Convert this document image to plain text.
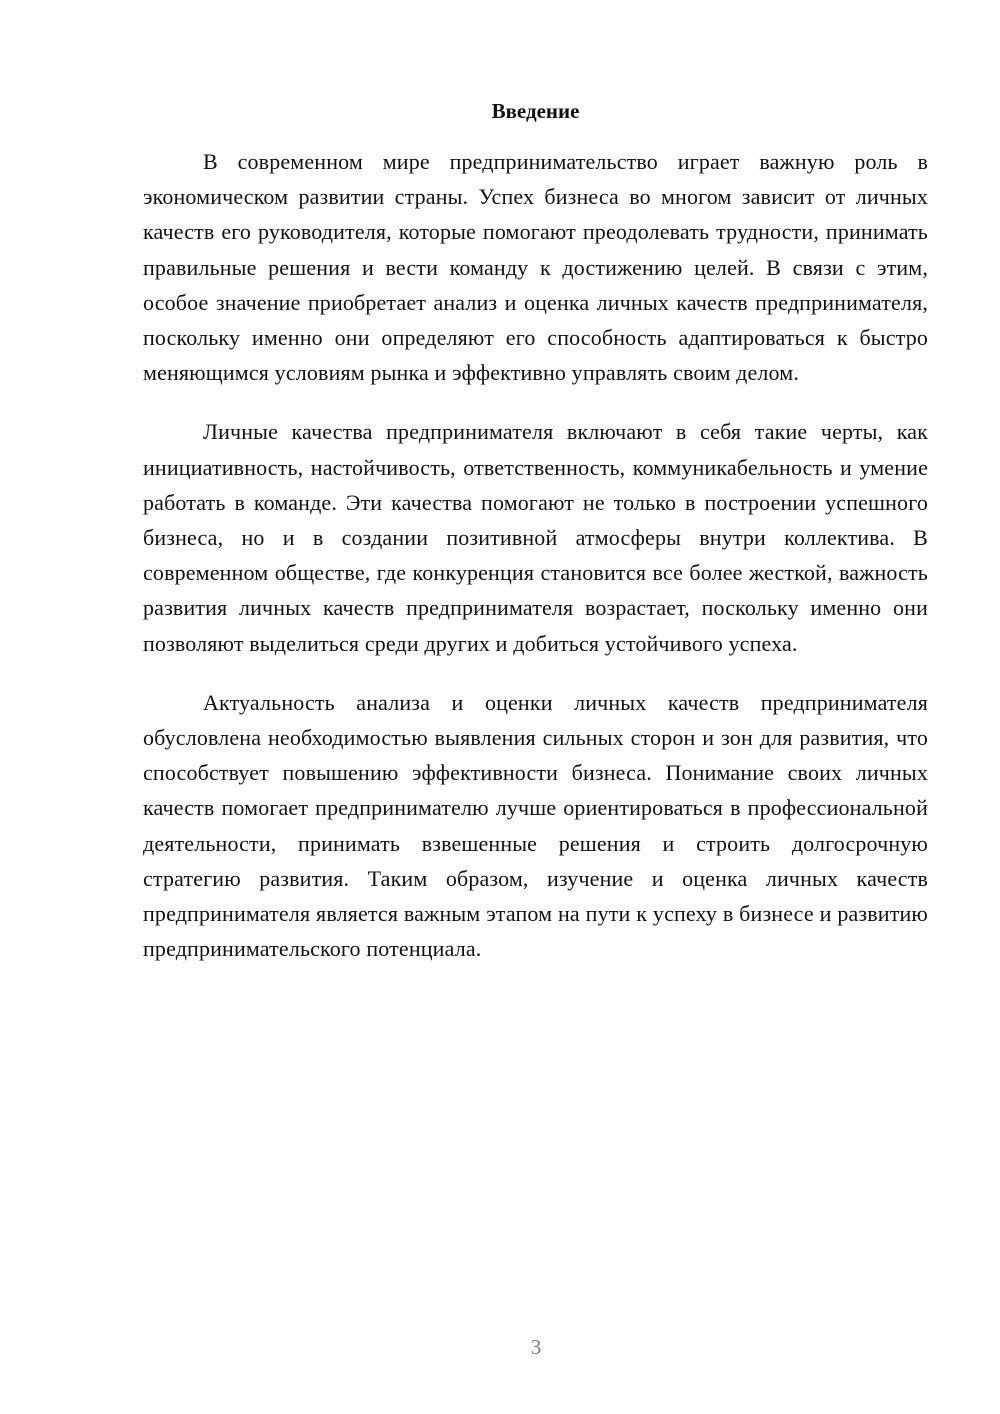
Введение

В современном мире предпринимательство играет важную роль в экономическом развитии страны. Успех бизнеса во многом зависит от личных качеств его руководителя, которые помогают преодолевать трудности, принимать правильные решения и вести команду к достижению целей. В связи с этим, особое значение приобретает анализ и оценка личных качеств предпринимателя, поскольку именно они определяют его способность адаптироваться к быстро меняющимся условиям рынка и эффективно управлять своим делом.

Личные качества предпринимателя включают в себя такие черты, как инициативность, настойчивость, ответственность, коммуникабельность и умение работать в команде. Эти качества помогают не только в построении успешного бизнеса, но и в создании позитивной атмосферы внутри коллектива. В современном обществе, где конкуренция становится все более жесткой, важность развития личных качеств предпринимателя возрастает, поскольку именно они позволяют выделиться среди других и добиться устойчивого успеха.

Актуальность анализа и оценки личных качеств предпринимателя обусловлена необходимостью выявления сильных сторон и зон для развития, что способствует повышению эффективности бизнеса. Понимание своих личных качеств помогает предпринимателю лучше ориентироваться в профессиональной деятельности, принимать взвешенные решения и строить долгосрочную стратегию развития. Таким образом, изучение и оценка личных качеств предпринимателя является важным этапом на пути к успеху в бизнесе и развитию предпринимательского потенциала.

3
